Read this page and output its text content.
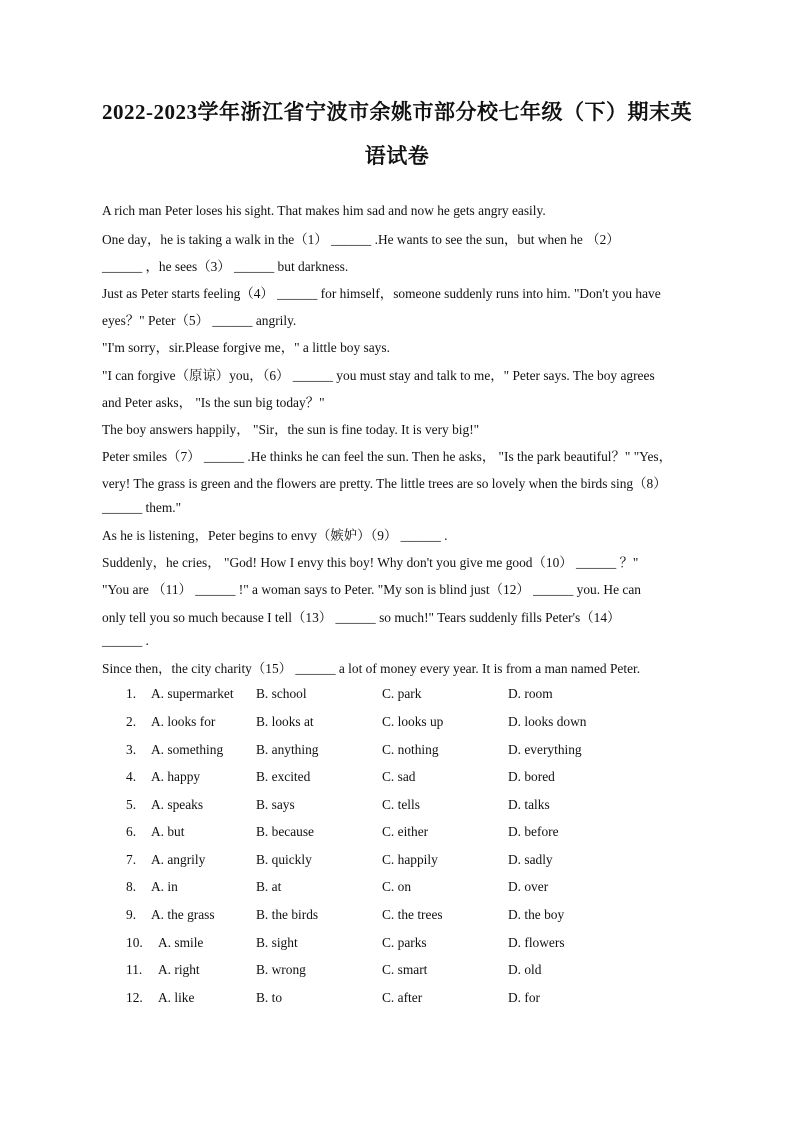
2022-2023学年浙江省宁波市余姚市部分校七年级（下）期末英
语试卷
A rich man Peter loses his sight. That makes him sad and now he gets angry easily.
One day，he is taking a walk in the（1） ______ .He wants to see the sun，but when he （2）
______ ，he sees（3） ______ but darkness.
Just as Peter starts feeling（4） ______ for himself，someone suddenly runs into him. "Don't you have
eyes？" Peter（5） ______ angrily.
"I'm sorry，sir.Please forgive me，" a little boy says.
"I can forgive（原谅）you，（6） ______ you must stay and talk to me，" Peter says. The boy agrees
and Peter asks， "Is the sun big today？"
The boy answers happily， "Sir，the sun is fine today. It is very big!"
Peter smiles（7） ______ .He thinks he can feel the sun. Then he asks， "Is the park beautiful？" "Yes，
very! The grass is green and the flowers are pretty. The little trees are so lovely when the birds sing（8）
______ them."
As he is listening，Peter begins to envy（嫉妒）（9） ______ .
Suddenly，he cries， "God! How I envy this boy! Why don't you give me good（10） ______ ？"
"You are （11） ______ !" a woman says to Peter. "My son is blind just（12） ______ you. He can
only tell you so much because I tell（13） ______ so much!" Tears suddenly fills Peter's（14）
______ .
Since then，the city charity（15） ______ a lot of money every year. It is from a man named Peter.
1. A. supermarket B. school	C. park	D. room
2. A. looks for	B. looks at	C. looks up	D. looks down
3. A. something B. anything	C. nothing	D. everything
4. A. happy	B. excited	C. sad	D. bored
5. A. speaks	B. says	C. tells	D. talks
6. A. but	B. because	C. either	D. before
7. A. angrily	B. quickly	C. happily	D. sadly
8. A. in	B. at	C. on	D. over
9. A. the grass	B. the birds	C. the trees	D. the boy
10. A. smile	B. sight	C. parks	D. flowers
11. A. right	B. wrong	C. smart	D. old
12. A. like	B. to	C. after	D. for
